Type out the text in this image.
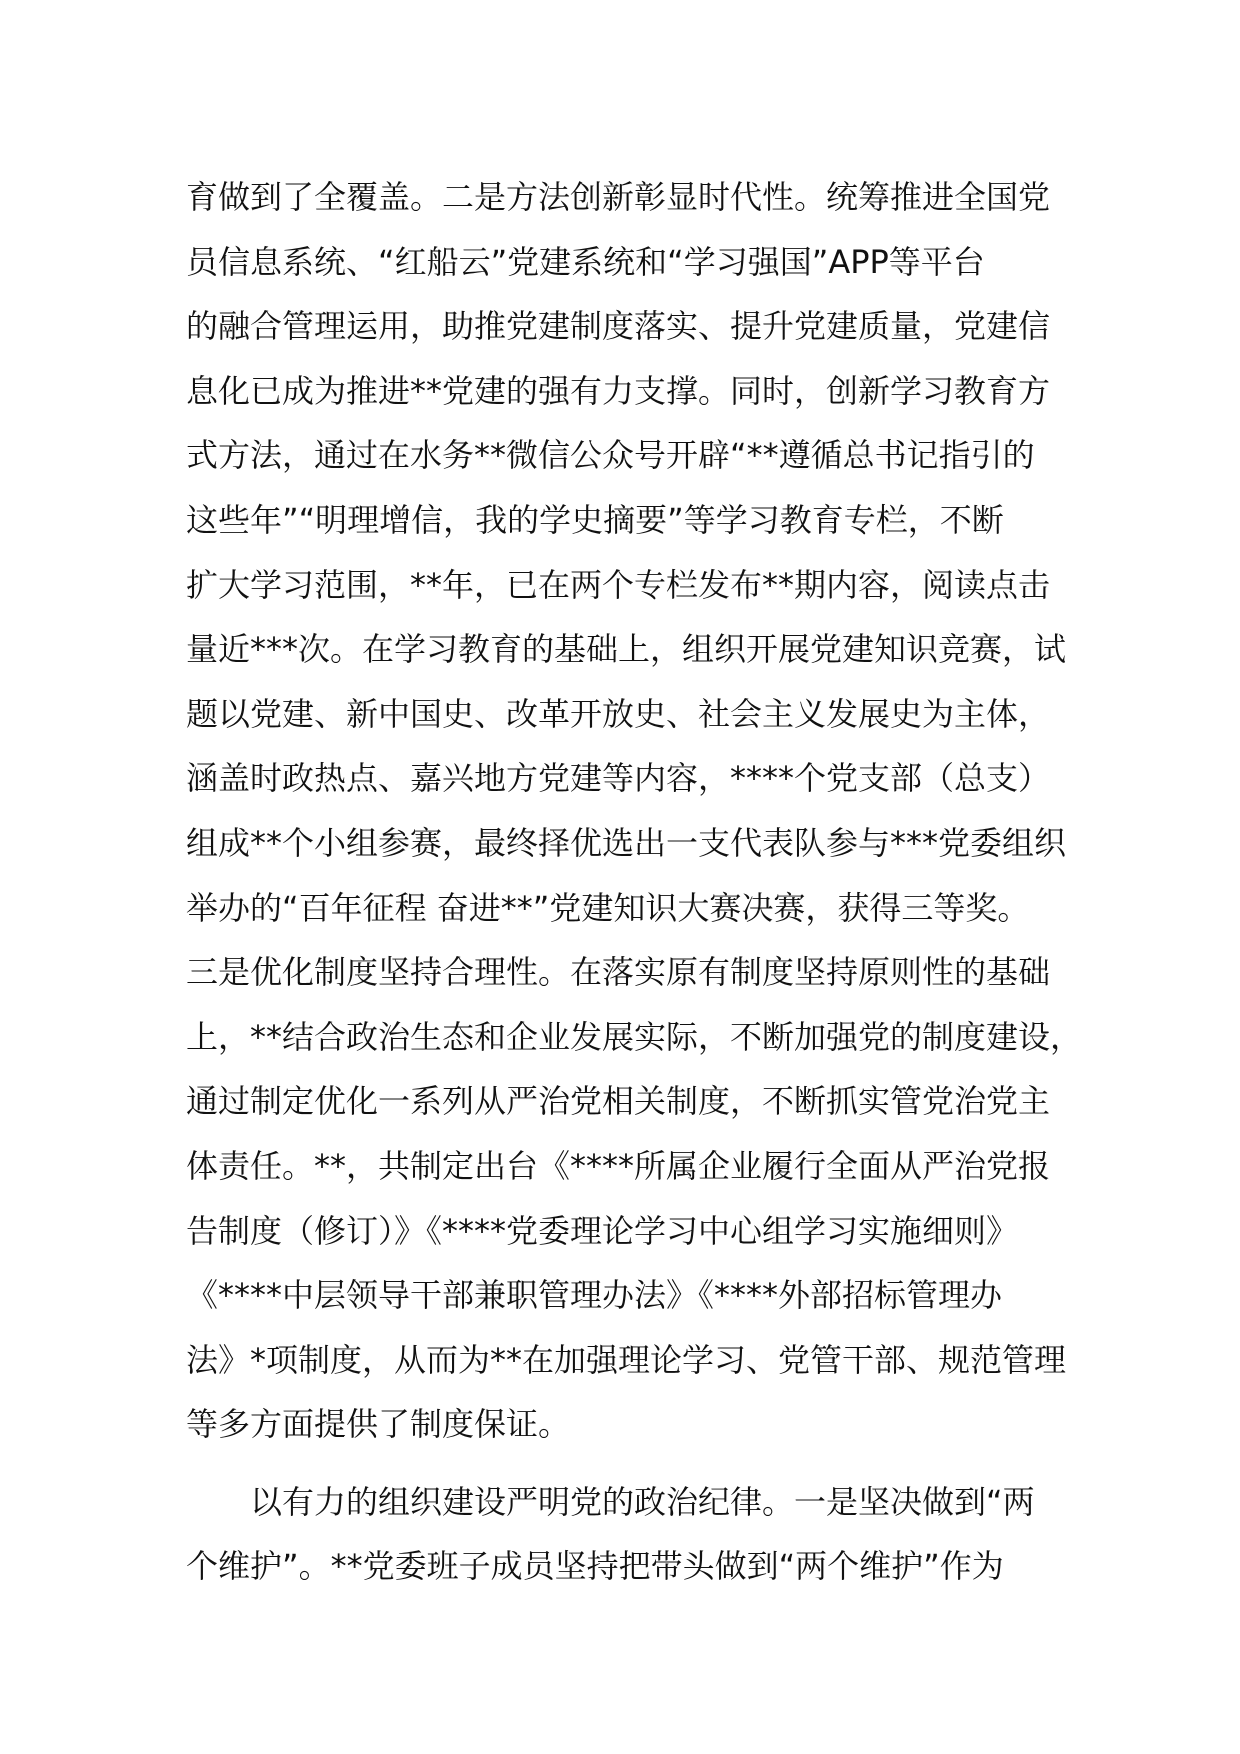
育做到了全覆盖。二是方法创新彰显时代性。统筹推进全国党
员信息系统、“红船云”党建系统和“学习强国”APP等平台
的融合管理运用，助推党建制度落实、提升党建质量，党建信
息化已成为推进**党建的强有力支撑。同时，创新学习教育方
式方法，通过在水务**微信公众号开辟“**遵循总书记指引的
这些年”“明理增信，我的学史摘要”等学习教育专栏，不断
扩大学习范围，**年，已在两个专栏发布**期内容，阅读点击
量近***次。在学习教育的基础上，组织开展党建知识竞赛，试
题以党建、新中国史、改革开放史、社会主义发展史为主体，
涵盖时政热点、嘉兴地方党建等内容，****个党支部（总支）
组成**个小组参赛，最终择优选出一支代表队参与***党委组织
举办的“百年征程 奋进**”党建知识大赛决赛，获得三等奖。
三是优化制度坚持合理性。在落实原有制度坚持原则性的基础
上，**结合政治生态和企业发展实际，不断加强党的制度建设，
通过制定优化一系列从严治党相关制度，不断抓实管党治党主
体责任。**，共制定出台《****所属企业履行全面从严治党报
告制度（修订）》《****党委理论学习中心组学习实施细则》
《****中层领导干部兼职管理办法》《****外部招标管理办
法》*项制度，从而为**在加强理论学习、党管干部、规范管理
等多方面提供了制度保证。
以有力的组织建设严明党的政治纪律。一是坚决做到“两
个维护”。**党委班子成员坚持把带头做到“两个维护”作为
